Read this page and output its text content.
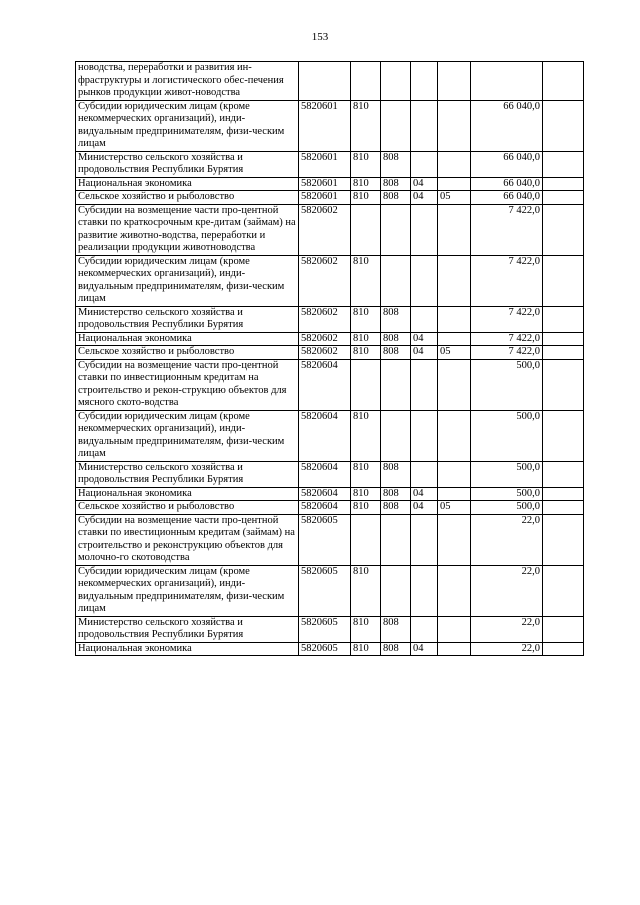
153
новодства, переработки и развития ин-фраструктуры и логистического обес-печения рынков продукции живот-новодства							
Субсидии юридическим лицам (кроме некоммерческих организаций), инди-видуальным предпринимателям, физи-ческим лицам	5820601	810				66 040,0	
Министерство сельского хозяйства и продовольствия Республики Бурятия	5820601	810	808			66 040,0	
Национальная экономика	5820601	810	808	04		66 040,0	
Сельское хозяйство и рыболовство	5820601	810	808	04	05	66 040,0	
Субсидии на возмещение части про-центной ставки по краткосрочным кре-дитам (займам) на развитие животно-водства, переработки и реализации продукции животноводства	5820602					7 422,0	
Субсидии юридическим лицам (кроме некоммерческих организаций), инди-видуальным предпринимателям, физи-ческим лицам	5820602	810				7 422,0	
Министерство сельского хозяйства и продовольствия Республики Бурятия	5820602	810	808			7 422,0	
Национальная экономика	5820602	810	808	04		7 422,0	
Сельское хозяйство и рыболовство	5820602	810	808	04	05	7 422,0	
Субсидии на возмещение части про-центной ставки по инвестиционным кредитам на строительство и рекон-струкцию объектов для мясного ското-водства	5820604					500,0	
Субсидии юридическим лицам (кроме некоммерческих организаций), инди-видуальным предпринимателям, физи-ческим лицам	5820604	810				500,0	
Министерство сельского хозяйства и продовольствия Республики Бурятия	5820604	810	808			500,0	
Национальная экономика	5820604	810	808	04		500,0	
Сельское хозяйство и рыболовство	5820604	810	808	04	05	500,0	
Субсидии на возмещение части про-центной ставки по ивестиционным кредитам (займам) на строительство и реконструкцию объектов для молочно-го скотоводства	5820605					22,0	
Субсидии юридическим лицам (кроме некоммерческих организаций), инди-видуальным предпринимателям, физи-ческим лицам	5820605	810				22,0	
Министерство сельского хозяйства и продовольствия Республики Бурятия	5820605	810	808			22,0	
Национальная экономика	5820605	810	808	04		22,0	
